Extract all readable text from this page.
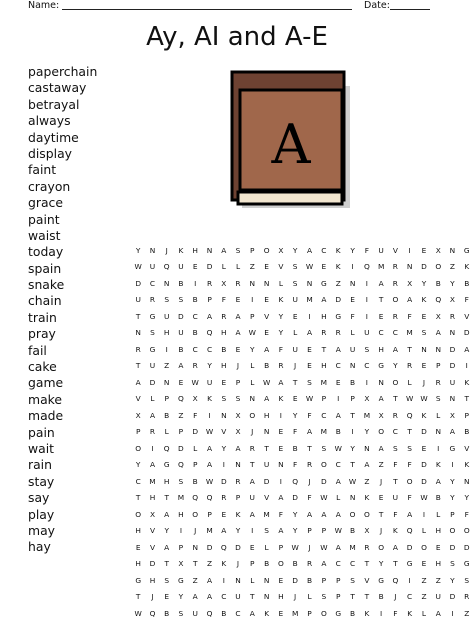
Name:	Date:
Ay, AI and A-E
paperchain
castaway
betrayal
always
daytime
display
faint
crayon
grace
paint
waist
today
spain
snake
chain
train
pray
fail
cake
game
make
made
pain
wait
rain
stay
say
play
may
hay
A
Y	N	J	K	H	N	A	S	P	O	X	Y	A	C	K	Y	F	U	V	I	E	X	N	G
W	U	Q	U	E	D	L	L	Z	E	V	S	W	E	K	I	Q	M	R	N	D	O	Z	K
D	C	N	B	I	R	X	R	N	N	L	S	N	G	Z	N	I	A	R	X	Y	B	Y	B
U	R	S	S	B	P	F	E	I	E	K	U	M	A	D	E	I	T	O	A	K	Q	X	F
T	G	U	D	C	A	R	A	P	V	Y	E	I	H	G	F	I	E	R	F	E	X	R	V
N	S	H	U	B	Q	H	A	W	E	Y	L	A	R	R	L	U	C	C	M	S	A	N	D
R	G	I	B	C	C	B	E	Y	A	F	U	E	T	A	U	S	H	A	T	N	N	D	A
T	U	Z	A	R	Y	H	J	L	B	R	J	E	H	C	N	C	G	Y	R	E	P	D	I
A	D	N	E	W	U	E	P	L	W	A	T	S	M	E	B	I	N	O	L	J	R	U	K
V	L	P	Q	X	K	S	S	N	A	K	E	W	P	I	P	X	A	T	W	W	S	N	T
X	A	B	Z	F	I	N	X	O	H	I	Y	F	C	A	T	M	X	R	Q	K	L	X	P
P	R	L	P	D	W	V	X	J	N	E	F	A	M	B	I	Y	O	C	T	D	N	A	B
O	I	Q	D	L	A	Y	A	R	T	E	B	T	S	W	Y	N	A	S	S	E	I	G	V
Y	A	G	Q	P	A	I	N	T	U	N	F	R	O	C	T	A	Z	F	F	D	K	I	K
C	M	H	S	B	W	D	R	A	D	I	Q	J	D	A	W	Z	J	T	O	D	A	Y	N
T	H	T	M	Q	Q	R	P	U	V	A	D	F	W	L	N	K	E	U	F	W	B	Y	Y
O	X	A	H	O	P	E	K	A	M	F	Y	A	A	A	O	O	T	F	A	I	L	P	F
H	V	Y	I	J	M	A	Y	I	S	A	Y	P	P	W	B	X	J	K	Q	L	H	O	O
E	V	A	P	N	D	Q	D	E	L	P	W	J	W	A	M	R	O	A	D	O	E	D	D
H	D	T	X	T	Z	K	J	P	B	O	B	R	A	C	C	T	Y	T	G	E	H	S	G
G	H	S	G	Z	A	I	N	L	N	E	D	B	P	P	S	V	G	Q	I	Z	Z	Y	S
T	J	E	Y	A	A	C	U	T	N	H	J	L	S	P	T	T	B	J	C	Z	U	D	R
W	Q	B	S	U	Q	B	C	A	K	E	M	P	O	G	B	K	I	F	K	L	A	I	Z
